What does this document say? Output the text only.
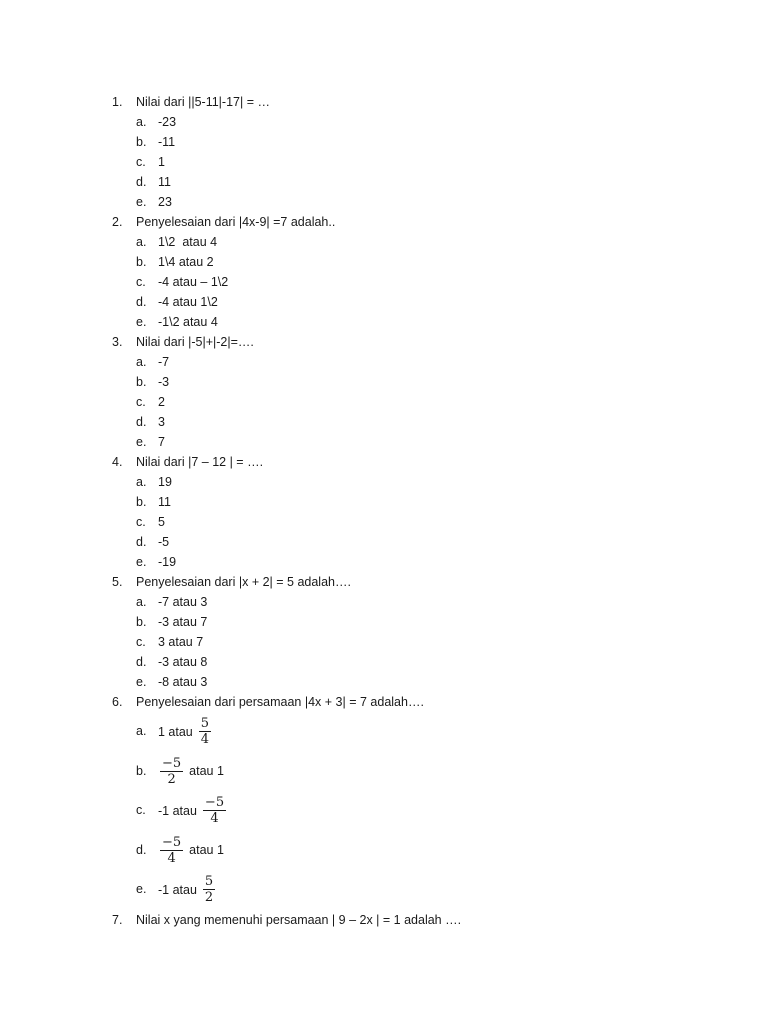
1. Nilai dari ||5-11|-17| = …
a. -23
b. -11
c. 1
d. 11
e. 23
2. Penyelesaian dari |4x-9| =7 adalah..
a. 1\2  atau 4
b. 1\4 atau 2
c. -4 atau – 1\2
d. -4 atau 1\2
e. -1\2 atau 4
3. Nilai dari |-5|+|-2|=….
a. -7
b. -3
c. 2
d. 3
e. 7
4. Nilai dari |7 – 12 | = ….
a. 19
b. 11
c. 5
d. -5
e. -19
5. Penyelesaian dari |x + 2| = 5 adalah….
a. -7 atau 3
b. -3 atau 7
c. 3 atau 7
d. -3 atau 8
e. -8 atau 3
6. Penyelesaian dari persamaan |4x + 3| = 7 adalah….
a. 1 atau $\frac{5}{4}$
b. $\frac{-5}{2}$ atau 1
c. -1 atau $\frac{-5}{4}$
d. $\frac{-5}{4}$ atau 1
e. -1 atau $\frac{5}{2}$
7. Nilai x yang memenuhi persamaan | 9 – 2x | = 1 adalah ….
